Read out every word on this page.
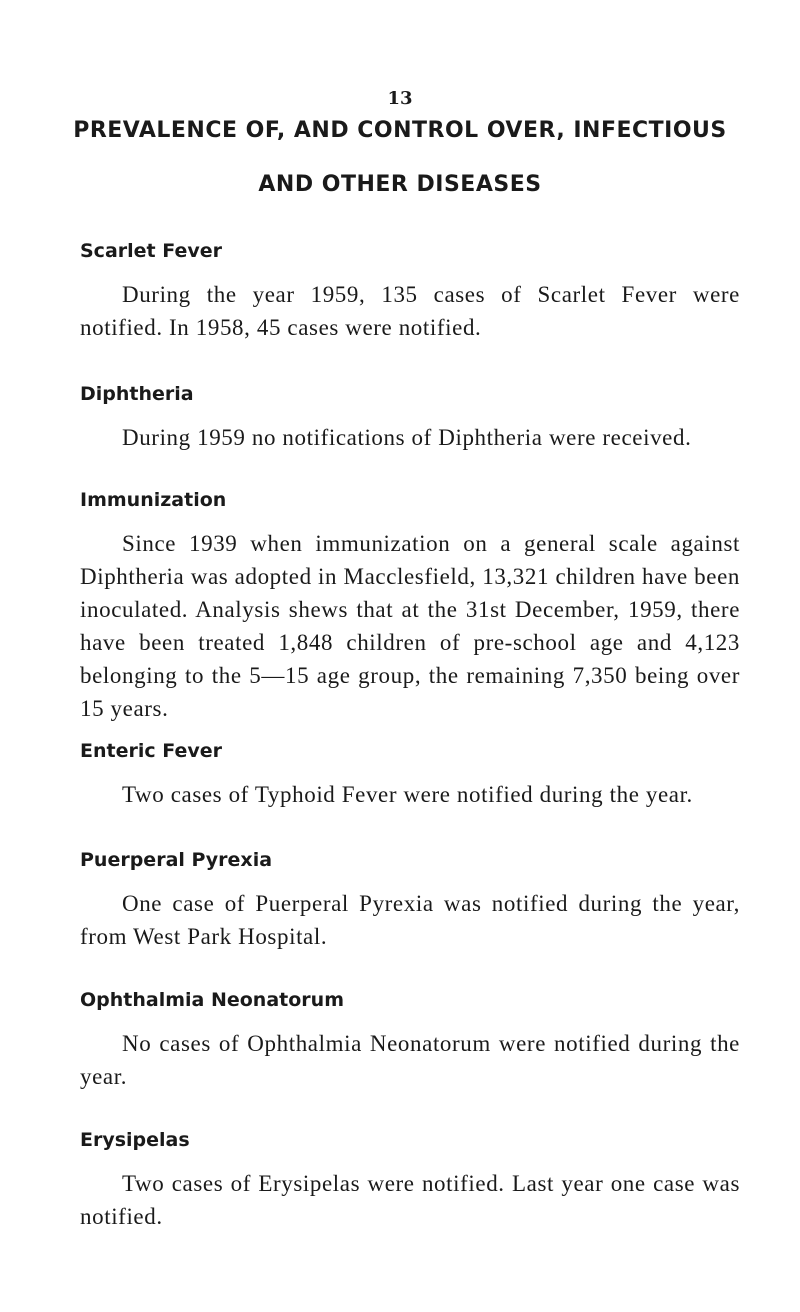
13
PREVALENCE OF, AND CONTROL OVER, INFECTIOUS
AND OTHER DISEASES
Scarlet Fever

During the year 1959, 135 cases of Scarlet Fever were notified. In 1958, 45 cases were notified.

Diphtheria

During 1959 no notifications of Diphtheria were received.

Immunization

Since 1939 when immunization on a general scale against Diphtheria was adopted in Macclesfield, 13,321 children have been inoculated. Analysis shews that at the 31st December, 1959, there have been treated 1,848 children of pre-school age and 4,123 belonging to the 5—15 age group, the remaining 7,350 being over 15 years.

Enteric Fever

Two cases of Typhoid Fever were notified during the year.

Puerperal Pyrexia

One case of Puerperal Pyrexia was notified during the year, from West Park Hospital.

Ophthalmia Neonatorum

No cases of Ophthalmia Neonatorum were notified during the year.

Erysipelas

Two cases of Erysipelas were notified. Last year one case was notified.
